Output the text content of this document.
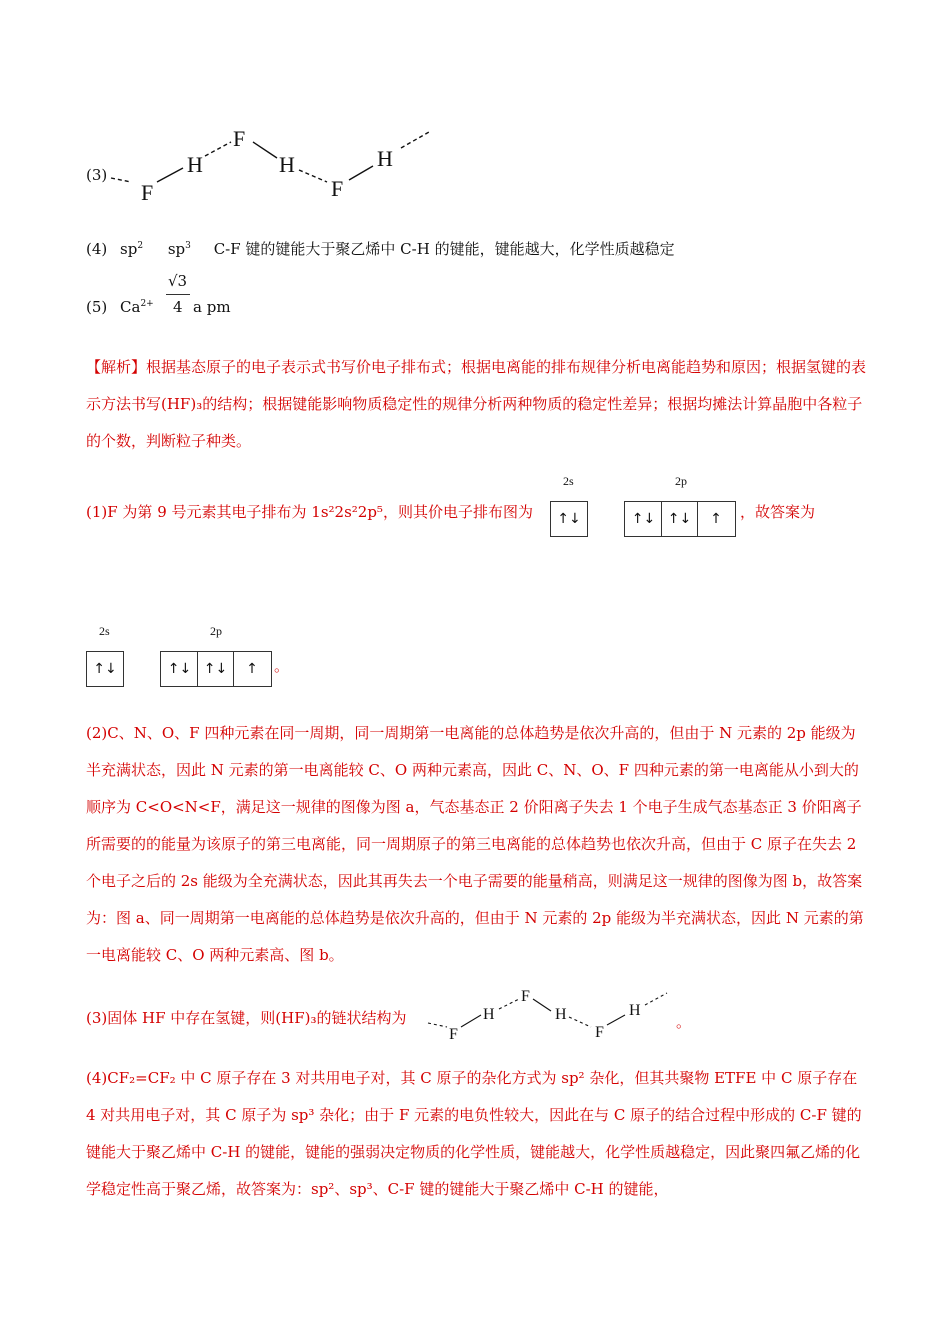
(3)
F
H
F
H
F
H
(4) $sp^2$ $sp^3$ C-F 键的键能大于聚乙烯中 C-H 的键能，键能越大，化学性质越稳定
(5) $Ca^{2+}$
√3
4 a pm
【解析】根据基态原子的电子表示式书写价电子排布式；根据电离能的排布规律分析电离能趋势和原因；根据氢键的表示方法书写(HF)₃的结构；根据键能影响物质稳定性的规律分析两种物质的稳定性差异；根据均摊法计算晶胞中各粒子的个数，判断粒子种类。
(1)F 为第 9 号元素其电子排布为 1s²2s²2p⁵，则其价电子排布图为
2s	2p
↑↓	↑↓ ↑↓ ↑	，故答案为
2s	2p
↑↓	↑↓ ↑↓ ↑	。
(2)C、N、O、F 四种元素在同一周期，同一周期第一电离能的总体趋势是依次升高的，但由于 N 元素的 2p 能级为半充满状态，因此 N 元素的第一电离能较 C、O 两种元素高，因此 C、N、O、F 四种元素的第一电离能从小到大的顺序为 C<O<N<F，满足这一规律的图像为图 a，气态基态正 2 价阳离子失去 1 个电子生成气态基态正 3 价阳离子所需要的的能量为该原子的第三电离能，同一周期原子的第三电离能的总体趋势也依次升高，但由于 C 原子在失去 2 个电子之后的 2s 能级为全充满状态，因此其再失去一个电子需要的能量稍高，则满足这一规律的图像为图 b，故答案为：图 a、同一周期第一电离能的总体趋势是依次升高的，但由于 N 元素的 2p 能级为半充满状态，因此 N 元素的第一电离能较 C、O 两种元素高、图 b。
(3)固体 HF 中存在氢键，则(HF)₃的链状结构为
F
H
F
H
F
H
。
(4)CF₂=CF₂ 中 C 原子存在 3 对共用电子对，其 C 原子的杂化方式为 sp² 杂化，但其共聚物 ETFE 中 C 原子存在 4 对共用电子对，其 C 原子为 sp³ 杂化；由于 F 元素的电负性较大，因此在与 C 原子的结合过程中形成的 C-F 键的键能大于聚乙烯中 C-H 的键能，键能的强弱决定物质的化学性质，键能越大，化学性质越稳定，因此聚四氟乙烯的化学稳定性高于聚乙烯，故答案为：sp²、sp³、C-F 键的键能大于聚乙烯中 C-H 的键能，
